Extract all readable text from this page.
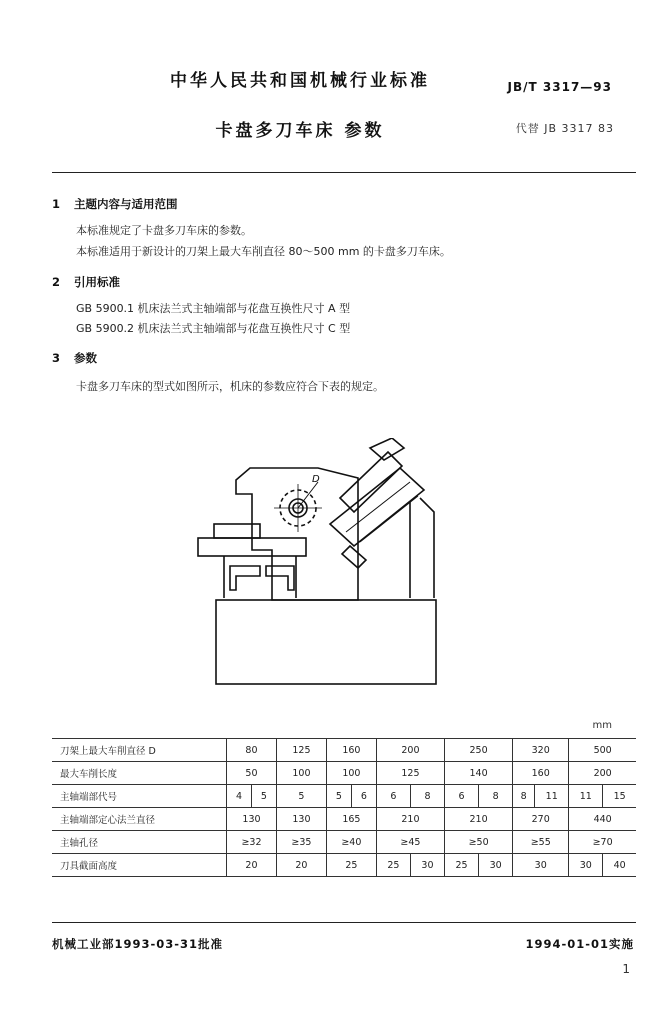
中华人民共和国机械行业标准	JB/T 3317—93
卡盘多刀车床 参数	代替 JB 3317 83
1 主题内容与适用范围
本标准规定了卡盘多刀车床的参数。
本标准适用于新设计的刀架上最大车削直径 80～500 mm 的卡盘多刀车床。
2 引用标准
GB 5900.1 机床法兰式主轴端部与花盘互换性尺寸 A 型
GB 5900.2 机床法兰式主轴端部与花盘互换性尺寸 C 型
3 参数
卡盘多刀车床的型式如图所示，机床的参数应符合下表的规定。
D
mm
刀架上最大车削直径 D	80		125	160		200		250		320		500	
最大车削长度	50		100	100		125		140		160		200	
主轴端部代号	4	5	5	5	6	6	8	6	8	8	11	11	15
主轴端部定心法兰直径	130		130	165		210		210		270		440	
主轴孔径	≥32		≥35	≥40		≥45		≥50		≥55		≥70	
刀具截面高度	20		20	25		25	30	25	30	30		30	40
机械工业部1993-03-31批准	1994-01-01实施
1
